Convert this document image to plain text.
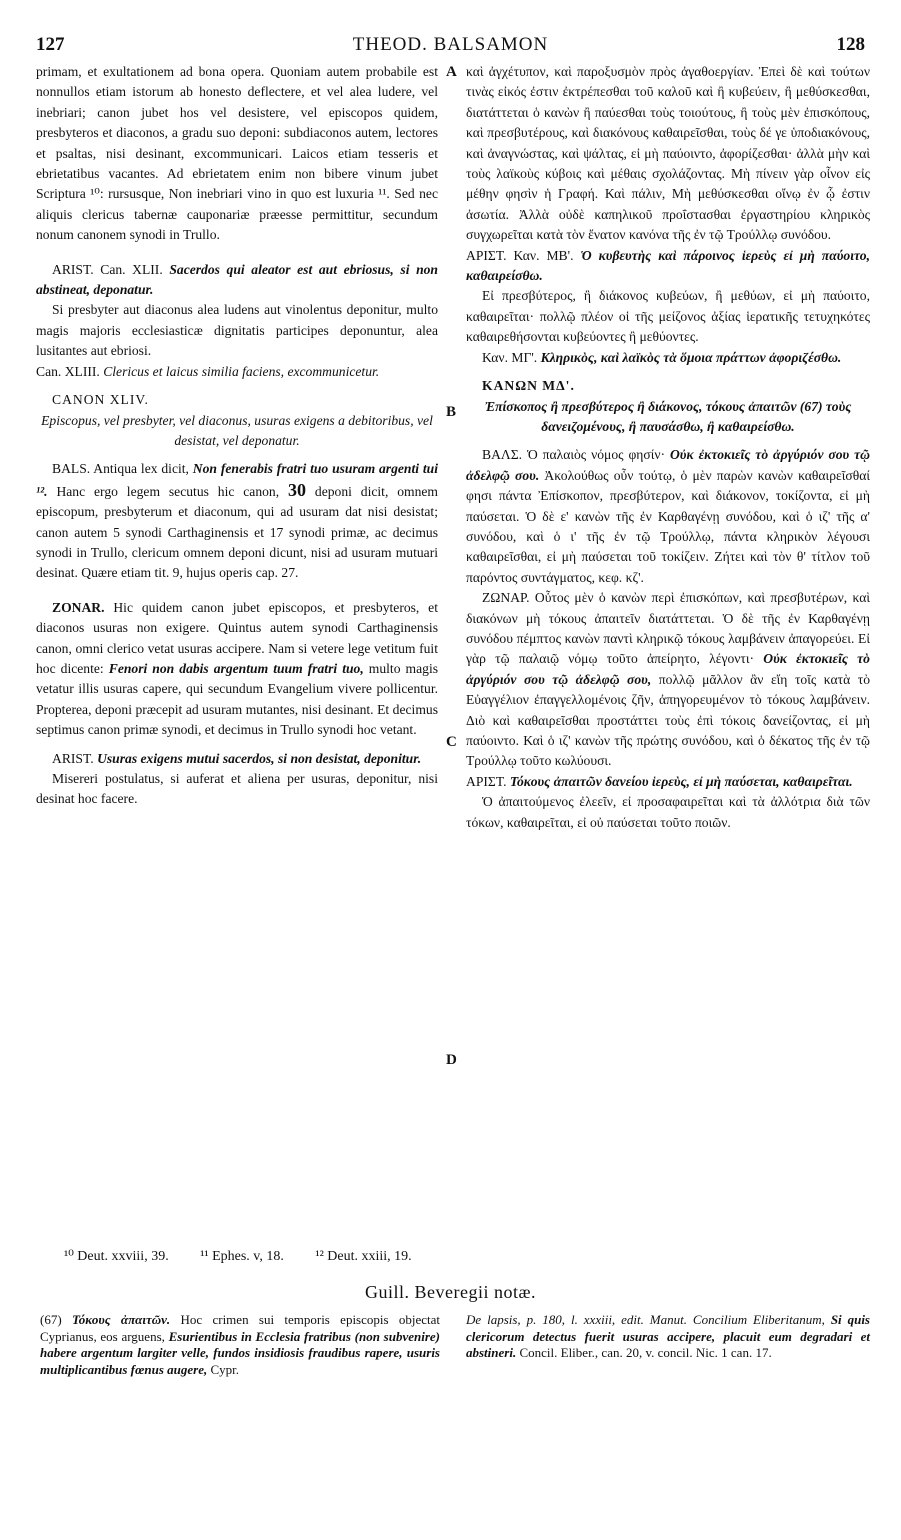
127	THEOD. BALSAMON	128
A
B
C
D

primam, et exultationem ad bona opera. Quoniam autem probabile est nonnullos etiam istorum ab honesto deflectere, et vel alea ludere, vel inebriari; canon jubet hos vel desistere, vel episcopos quidem, presbyteros et diaconos, a gradu suo deponi: subdiaconos autem, lectores et psaltas, nisi desinant, excommunicari. Laicos etiam tesseris et ebrietatibus vacantes. Ad ebrietatem enim non bibere vinum jubet Scriptura ¹⁰: rursusque, Non inebriari vino in quo est luxuria ¹¹. Sed nec aliquis clericus tabernæ cauponariæ præesse permittitur, secundum nonum canonem synodi in Trullo.

ARIST. Can. XLII. Sacerdos qui aleator est aut ebriosus, si non abstineat, deponatur.

Si presbyter aut diaconus alea ludens aut vinolentus deponitur, multo magis majoris ecclesiasticæ dignitatis participes deponuntur, alea lusitantes aut ebriosi.

Can. XLIII. Clericus et laicus similia faciens, excommunicetur.

CANON XLIV.

Episcopus, vel presbyter, vel diaconus, usuras exigens a debitoribus, vel desistat, vel deponatur.

BALS. Antiqua lex dicit, Non fenerabis fratri tuo usuram argenti tui ¹². Hanc ergo legem secutus hic canon, 30 deponi dicit, omnem episcopum, presbyterum et diaconum, qui ad usuram dat nisi desistat; canon autem 5 synodi Carthaginensis et 17 synodi primæ, ac decimus synodi in Trullo, clericum omnem deponi dicunt, nisi ad usuram mutuari desinat. Quære etiam tit. 9, hujus operis cap. 27.

ZONAR. Hic quidem canon jubet episcopos, et presbyteros, et diaconos usuras non exigere. Quintus autem synodi Carthaginensis canon, omni clerico vetat usuras accipere. Nam si vetere lege vetitum fuit hoc dicente: Fenori non dabis argentum tuum fratri tuo, multo magis vetatur illis usuras capere, qui secundum Evangelium vivere pollicentur. Propterea, deponi præcepit ad usuram mutantes, nisi desinant. Et decimus septimus canon primæ synodi, et decimus in Trullo synodi hoc vetant.

ARIST. Usuras exigens mutui sacerdos, si non desistat, deponitur.

Misereri postulatus, si auferat et aliena per usuras, deponitur, nisi desinat hoc facere.

καὶ ἀγχέτυπον, καὶ παροξυσμὸν πρὸς ἀγαθοεργίαν. Ἐπεὶ δὲ καὶ τούτων τινὰς εἰκός ἐστιν ἐκτρέπεσθαι τοῦ καλοῦ καὶ ἢ κυβεύειν, ἢ μεθύσκεσθαι, διατάττεται ὁ κανὼν ἢ παύεσθαι τοὺς τοιούτους, ἢ τοὺς μὲν ἐπισκόπους, καὶ πρεσβυτέρους, καὶ διακόνους καθαιρεῖσθαι, τοὺς δέ γε ὑποδιακόνους, καὶ ἀναγνώστας, καὶ ψάλτας, εἰ μὴ παύοιντο, ἀφορίζεσθαι· ἀλλὰ μὴν καὶ τοὺς λαϊκοὺς κύβοις καὶ μέθαις σχολάζοντας. Μὴ πίνειν γὰρ οἶνον εἰς μέθην φησὶν ἡ Γραφή. Καὶ πάλιν, Μὴ μεθύσκεσθαι οἴνῳ ἐν ᾧ ἐστιν ἀσωτία. Ἀλλὰ οὐδὲ καπηλικοῦ προΐστασθαι ἐργαστηρίου κληρικὸς συγχωρεῖται κατὰ τὸν ἔνατον κανόνα τῆς ἐν τῷ Τρούλλῳ συνόδου.

ΑΡΙΣΤ. Καν. ΜΒ'. Ὁ κυβευτὴς καὶ πάροινος ἱερεὺς εἰ μὴ παύοιτο, καθαιρείσθω.

Εἰ πρεσβύτερος, ἢ διάκονος κυβεύων, ἢ μεθύων, εἰ μὴ παύοιτο, καθαιρεῖται· πολλῷ πλέον οἱ τῆς μείζονος ἀξίας ἱερατικῆς τετυχηκότες καθαιρεθήσονται κυβεύοντες ἢ μεθύοντες.

Καν. ΜΓ'. Κληρικὸς, καὶ λαϊκὸς τὰ ὅμοια πράττων ἀφοριζέσθω.

ΚΑΝΩΝ ΜΔ'.

Ἐπίσκοπος ἢ πρεσβύτερος ἢ διάκονος, τόκους ἀπαιτῶν (67) τοὺς δανειζομένους, ἢ παυσάσθω, ἢ καθαιρείσθω.

ΒΑΛΣ. Ὁ παλαιὸς νόμος φησίν· Οὐκ ἐκτοκιεῖς τὸ ἀργύριόν σου τῷ ἀδελφῷ σου. Ἀκολούθως οὖν τούτῳ, ὁ μὲν παρὼν κανὼν καθαιρεῖσθαί φησι πάντα Ἐπίσκοπον, πρεσβύτερον, καὶ διάκονον, τοκίζοντα, εἰ μὴ παύσεται. Ὁ δὲ ε' κανὼν τῆς ἐν Καρθαγένῃ συνόδου, καὶ ὁ ιζ' τῆς α' συνόδου, καὶ ὁ ι' τῆς ἐν τῷ Τρούλλῳ, πάντα κληρικὸν λέγουσι καθαιρεῖσθαι, εἰ μὴ παύσεται τοῦ τοκίζειν. Ζήτει καὶ τὸν θ' τίτλον τοῦ παρόντος συντάγματος, κεφ. κζ'.

ΖΩΝΑΡ. Οὗτος μὲν ὁ κανὼν περὶ ἐπισκόπων, καὶ πρεσβυτέρων, καὶ διακόνων μὴ τόκους ἀπαιτεῖν διατάττεται. Ὁ δὲ τῆς ἐν Καρθαγένῃ συνόδου πέμπτος κανὼν παντὶ κληρικῷ τόκους λαμβάνειν ἀπαγορεύει. Εἰ γὰρ τῷ παλαιῷ νόμῳ τοῦτο ἀπείρητο, λέγοντι· Οὐκ ἐκτοκιεῖς τὸ ἀργύριόν σου τῷ ἀδελφῷ σου, πολλῷ μᾶλλον ἂν εἴη τοῖς κατὰ τὸ Εὐαγγέλιον ἐπαγγελλομένοις ζῆν, ἀπηγορευμένον τὸ τόκους λαμβάνειν. Διὸ καὶ καθαιρεῖσθαι προστάττει τοὺς ἐπὶ τόκοις δανείζοντας, εἰ μὴ παύοιντο. Καὶ ὁ ιζ' κανὼν τῆς πρώτης συνόδου, καὶ ὁ δέκατος τῆς ἐν τῷ Τρούλλῳ τοῦτο κωλύουσι.

ΑΡΙΣΤ. Τόκους ἀπαιτῶν δανείου ἱερεὺς, εἰ μὴ παύσεται, καθαιρεῖται.

Ὁ ἀπαιτούμενος ἐλεεῖν, εἰ προσαφαιρεῖται καὶ τὰ ἀλλότρια διὰ τῶν τόκων, καθαιρεῖται, εἰ οὐ παύσεται τοῦτο ποιῶν.

¹⁰ Deut. xxviii, 39. ¹¹ Ephes. v, 18. ¹² Deut. xxiii, 19.
Guill. Beveregii notæ.
(67) Τόκους ἀπαιτῶν. Hoc crimen sui temporis episcopis objectat Cyprianus, eos arguens, Esurientibus in Ecclesia fratribus (non subvenire) habere argentum largiter velle, fundos insidiosis fraudibus rapere, usuris multiplicantibus fœnus augere, Cypr.
De lapsis, p. 180, l. xxxiii, edit. Manut. Concilium Eliberitanum, Si quis clericorum detectus fuerit usuras accipere, placuit eum degradari et abstineri. Concil. Eliber., can. 20, v. concil. Nic. 1 can. 17.
